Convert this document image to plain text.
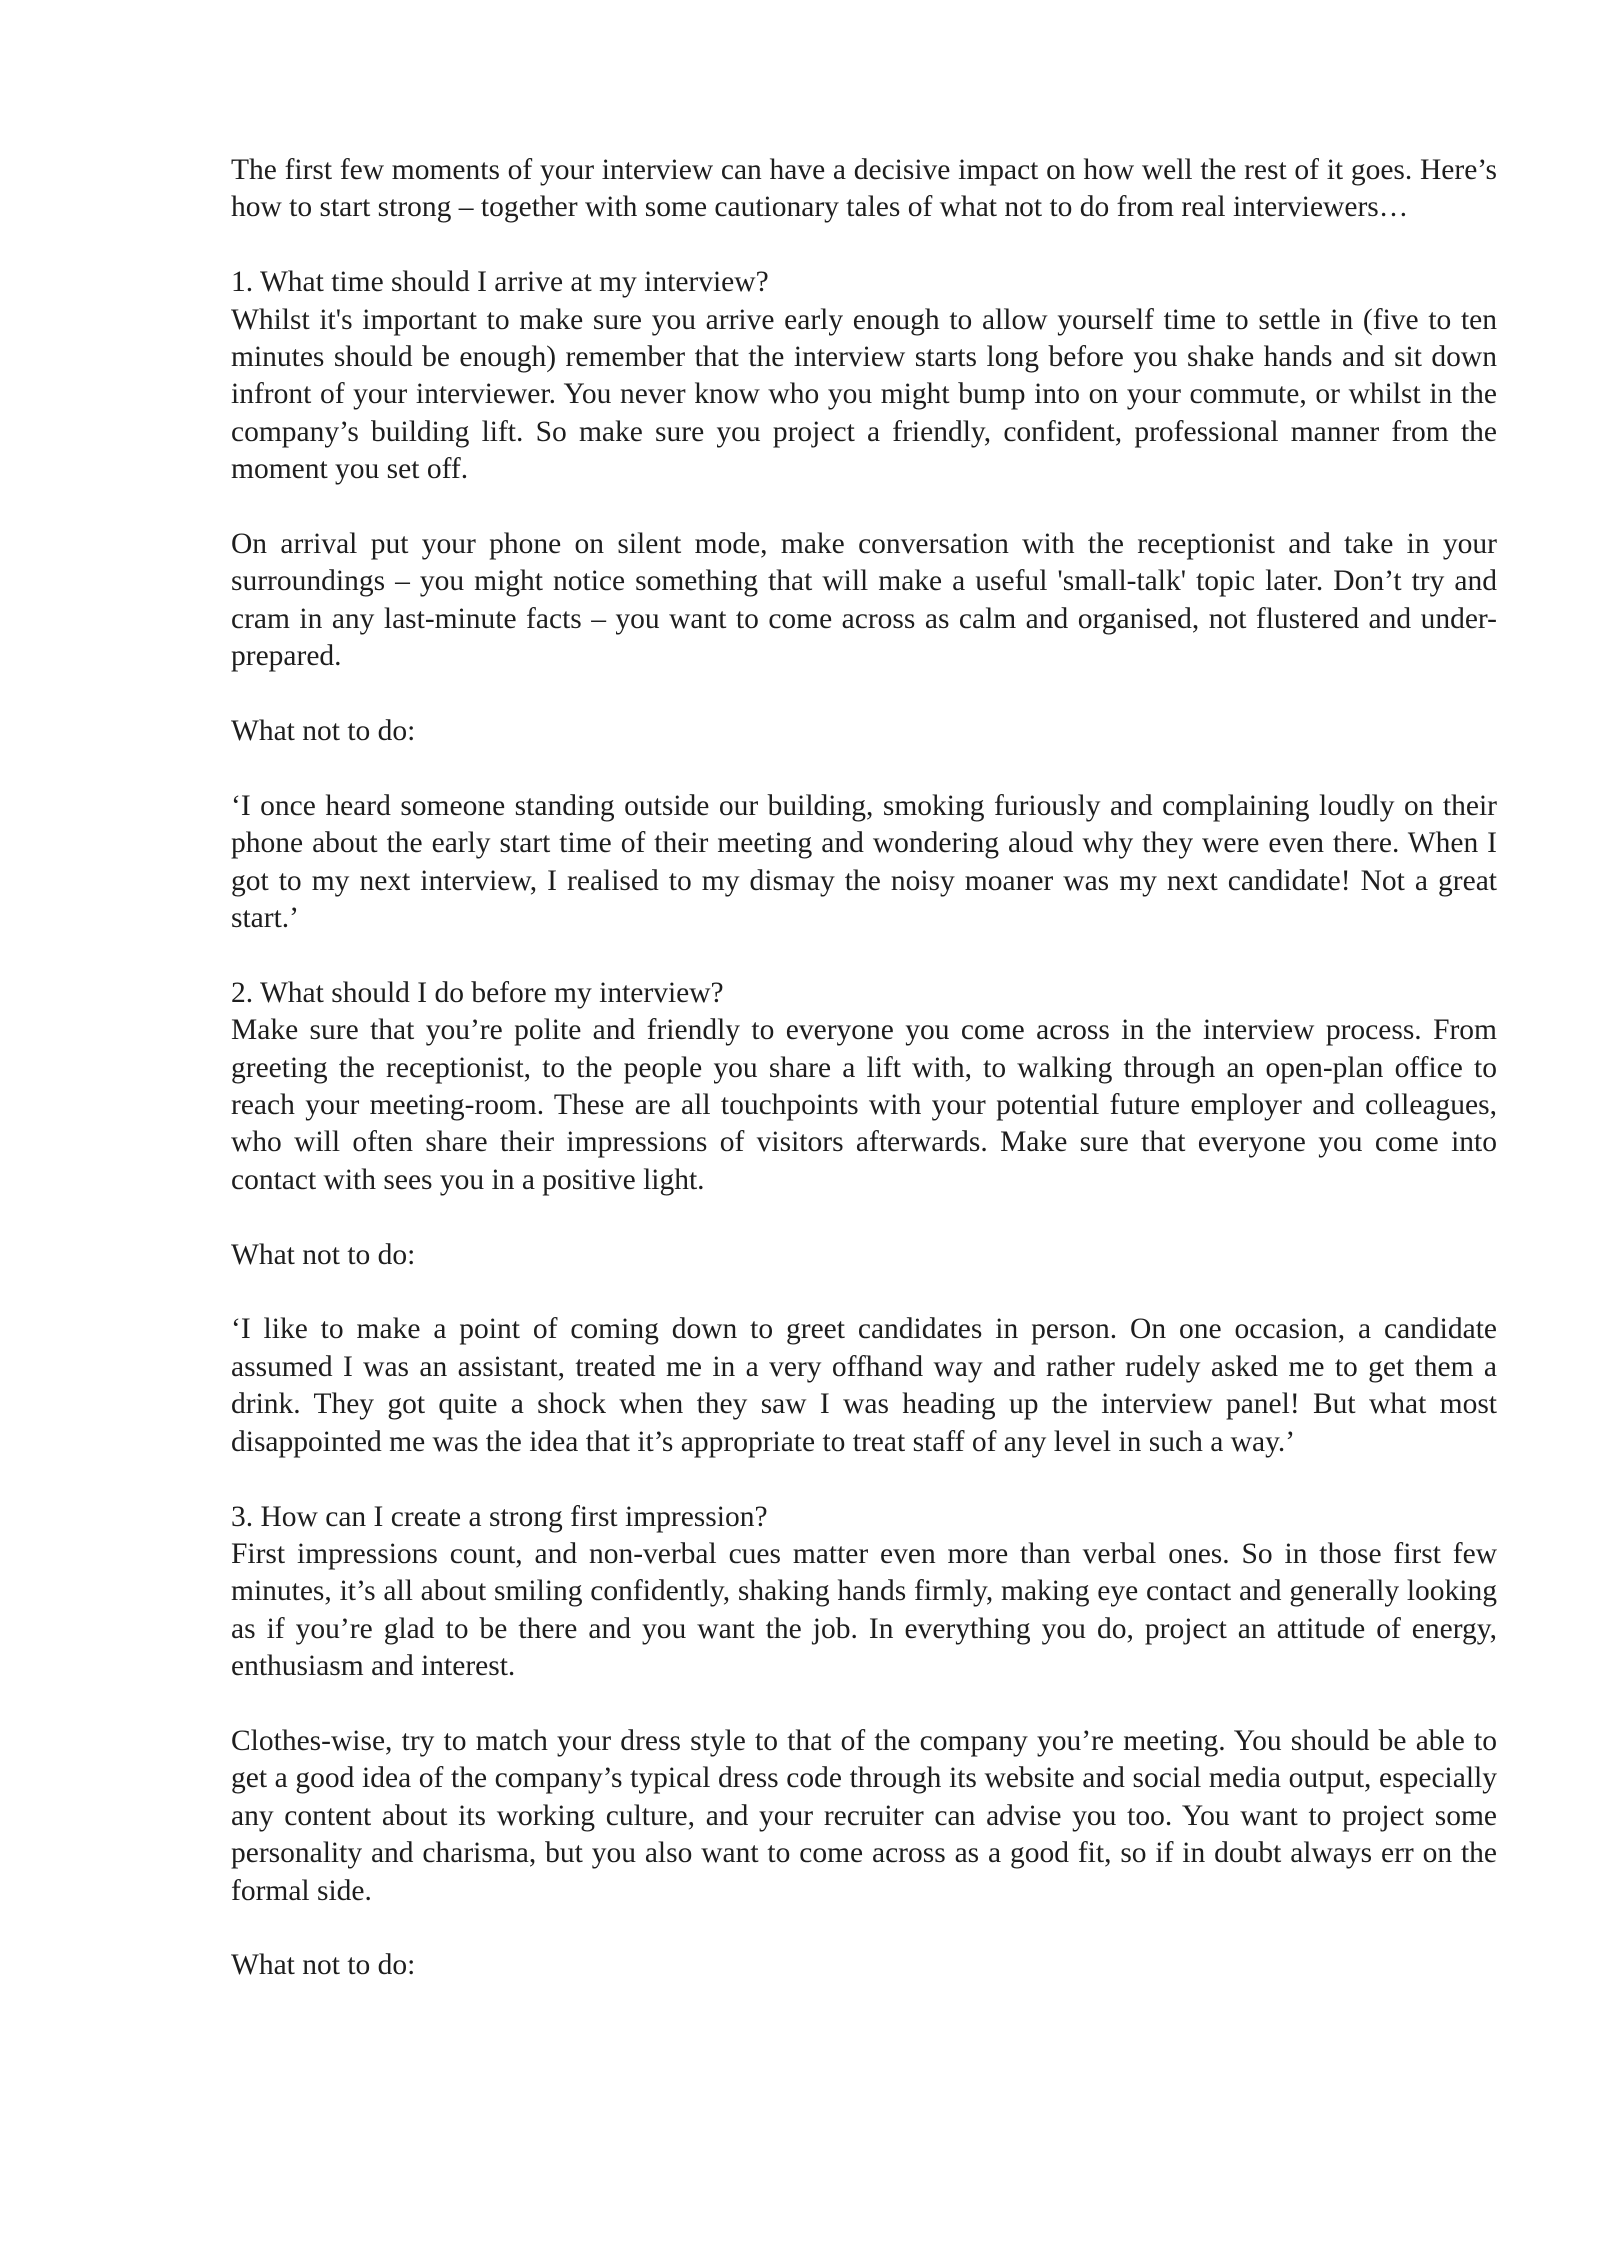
The first few moments of your interview can have a decisive impact on how well the rest of it goes. Here’s how to start strong – together with some cautionary tales of what not to do from real interviewers…

1. What time should I arrive at my interview?

Whilst it's important to make sure you arrive early enough to allow yourself time to settle in (five to ten minutes should be enough) remember that the interview starts long before you shake hands and sit down infront of your interviewer. You never know who you might bump into on your commute, or whilst in the company’s building lift. So make sure you project a friendly, confident, professional manner from the moment you set off.

On arrival put your phone on silent mode, make conversation with the receptionist and take in your surroundings – you might notice something that will make a useful 'small-talk' topic later. Don’t try and cram in any last-minute facts – you want to come across as calm and organised, not flustered and under-prepared.
What not to do:
‘I once heard someone standing outside our building, smoking furiously and complaining loudly on their phone about the early start time of their meeting and wondering aloud why they were even there. When I got to my next interview, I realised to my dismay the noisy moaner was my next candidate! Not a great start.’

2. What should I do before my interview?

Make sure that you’re polite and friendly to everyone you come across in the interview process. From greeting the receptionist, to the people you share a lift with, to walking through an open-plan office to reach your meeting-room. These are all touchpoints with your potential future employer and colleagues, who will often share their impressions of visitors afterwards. Make sure that everyone you come into contact with sees you in a positive light.

What not to do:
‘I like to make a point of coming down to greet candidates in person. On one occasion, a candidate assumed I was an assistant, treated me in a very offhand way and rather rudely asked me to get them a drink. They got quite a shock when they saw I was heading up the interview panel! But what most disappointed me was the idea that it’s appropriate to treat staff of any level in such a way.’

3. How can I create a strong first impression?

First impressions count, and non-verbal cues matter even more than verbal ones. So in those first few minutes, it’s all about smiling confidently, shaking hands firmly, making eye contact and generally looking as if you’re glad to be there and you want the job. In everything you do, project an attitude of energy, enthusiasm and interest.

Clothes-wise, try to match your dress style to that of the company you’re meeting. You should be able to get a good idea of the company’s typical dress code through its website and social media output, especially any content about its working culture, and your recruiter can advise you too. You want to project some personality and charisma, but you also want to come across as a good fit, so if in doubt always err on the formal side.
What not to do:
